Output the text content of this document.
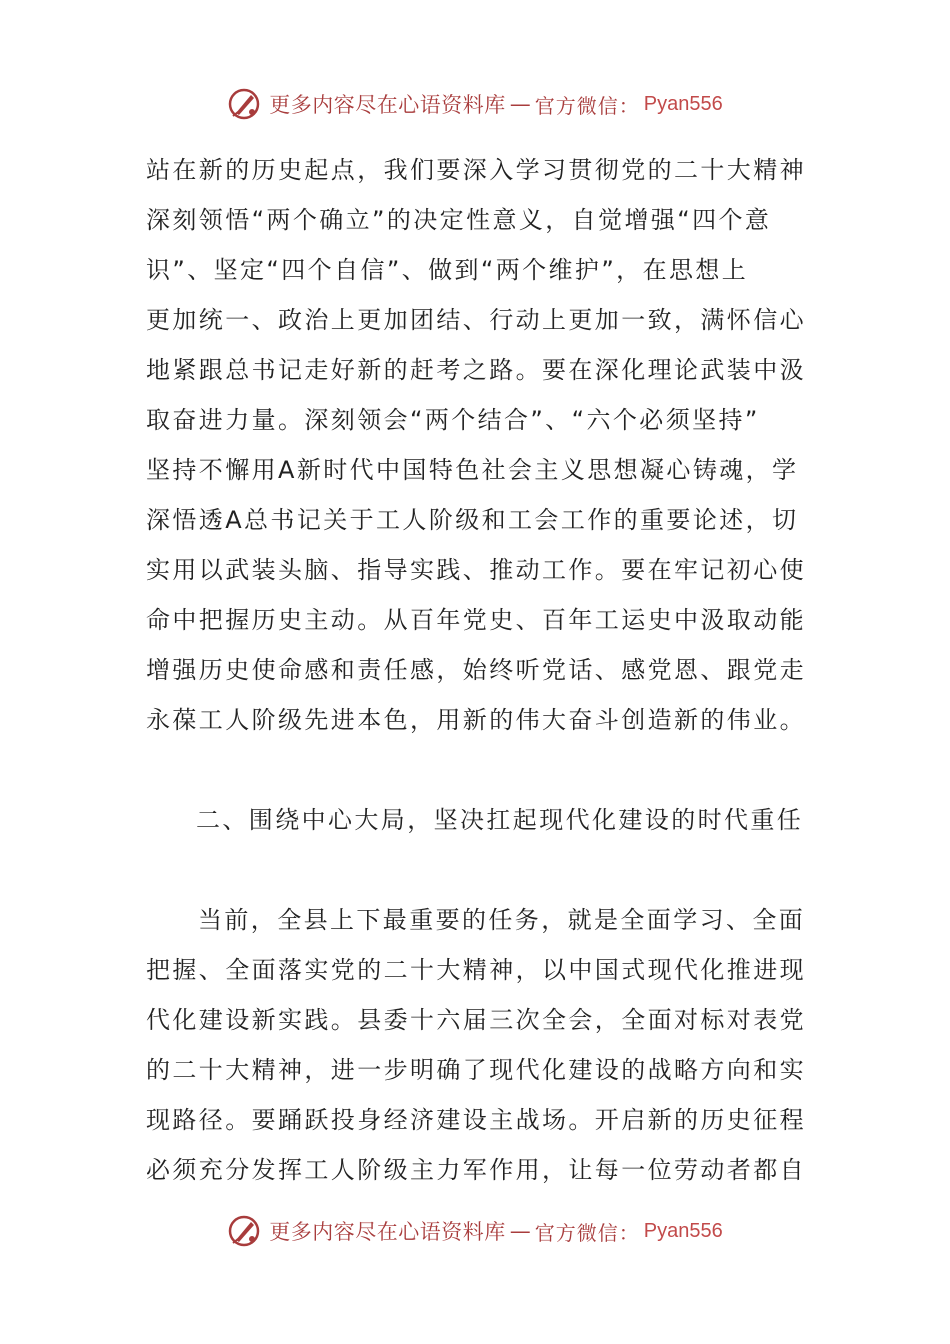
更多内容尽在心语资料库 — 官方微信： Pyan556
站在新的历史起点，我们要深入学习贯彻党的二十大精神
深刻领悟“两个确立”的决定性意义，自觉增强“四个意
识”、坚定“四个自信”、做到“两个维护”，在思想上
更加统一、政治上更加团结、行动上更加一致，满怀信心
地紧跟总书记走好新的赶考之路。要在深化理论武装中汲
取奋进力量。深刻领会“两个结合”、“六个必须坚持”
坚持不懈用A新时代中国特色社会主义思想凝心铸魂，学
深悟透A总书记关于工人阶级和工会工作的重要论述，切
实用以武装头脑、指导实践、推动工作。要在牢记初心使
命中把握历史主动。从百年党史、百年工运史中汲取动能
增强历史使命感和责任感，始终听党话、感党恩、跟党走
永葆工人阶级先进本色，用新的伟大奋斗创造新的伟业。
二、围绕中心大局，坚决扛起现代化建设的时代重任
当前，全县上下最重要的任务，就是全面学习、全面
把握、全面落实党的二十大精神，以中国式现代化推进现
代化建设新实践。县委十六届三次全会，全面对标对表党
的二十大精神，进一步明确了现代化建设的战略方向和实
现路径。要踊跃投身经济建设主战场。开启新的历史征程
必须充分发挥工人阶级主力军作用，让每一位劳动者都自
更多内容尽在心语资料库 — 官方微信： Pyan556
